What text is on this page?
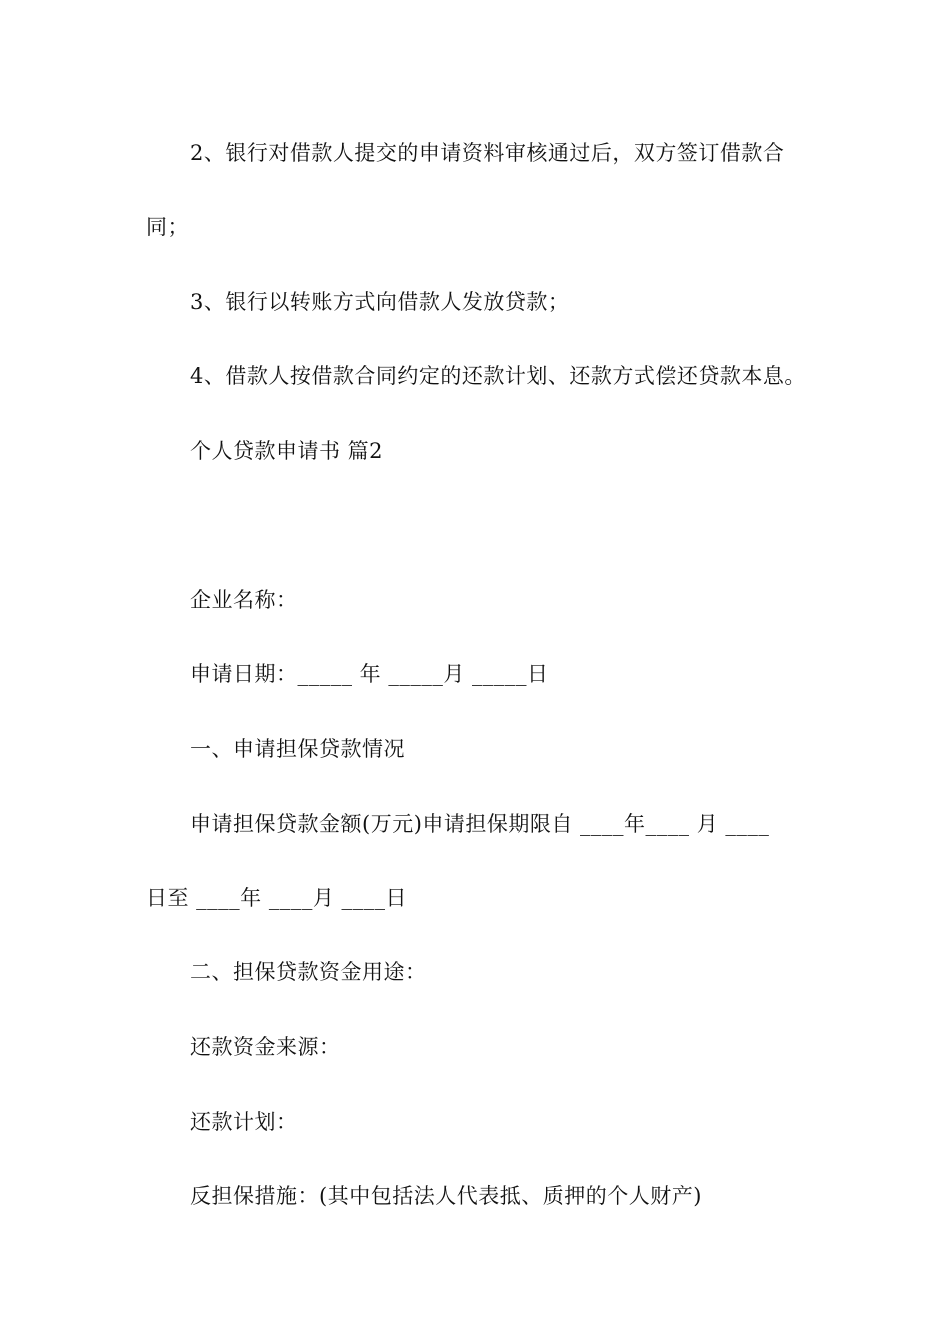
2、银行对借款人提交的申请资料审核通过后，双方签订借款合
同；
3、银行以转账方式向借款人发放贷款；
4、借款人按借款合同约定的还款计划、还款方式偿还贷款本息。
个人贷款申请书 篇2
企业名称：
申请日期：_____ 年 _____月 _____日
一、申请担保贷款情况
申请担保贷款金额(万元)申请担保期限自 ____年____ 月 ____
日至 ____年 ____月 ____日
二、担保贷款资金用途：
还款资金来源：
还款计划：
反担保措施：(其中包括法人代表抵、质押的个人财产)
